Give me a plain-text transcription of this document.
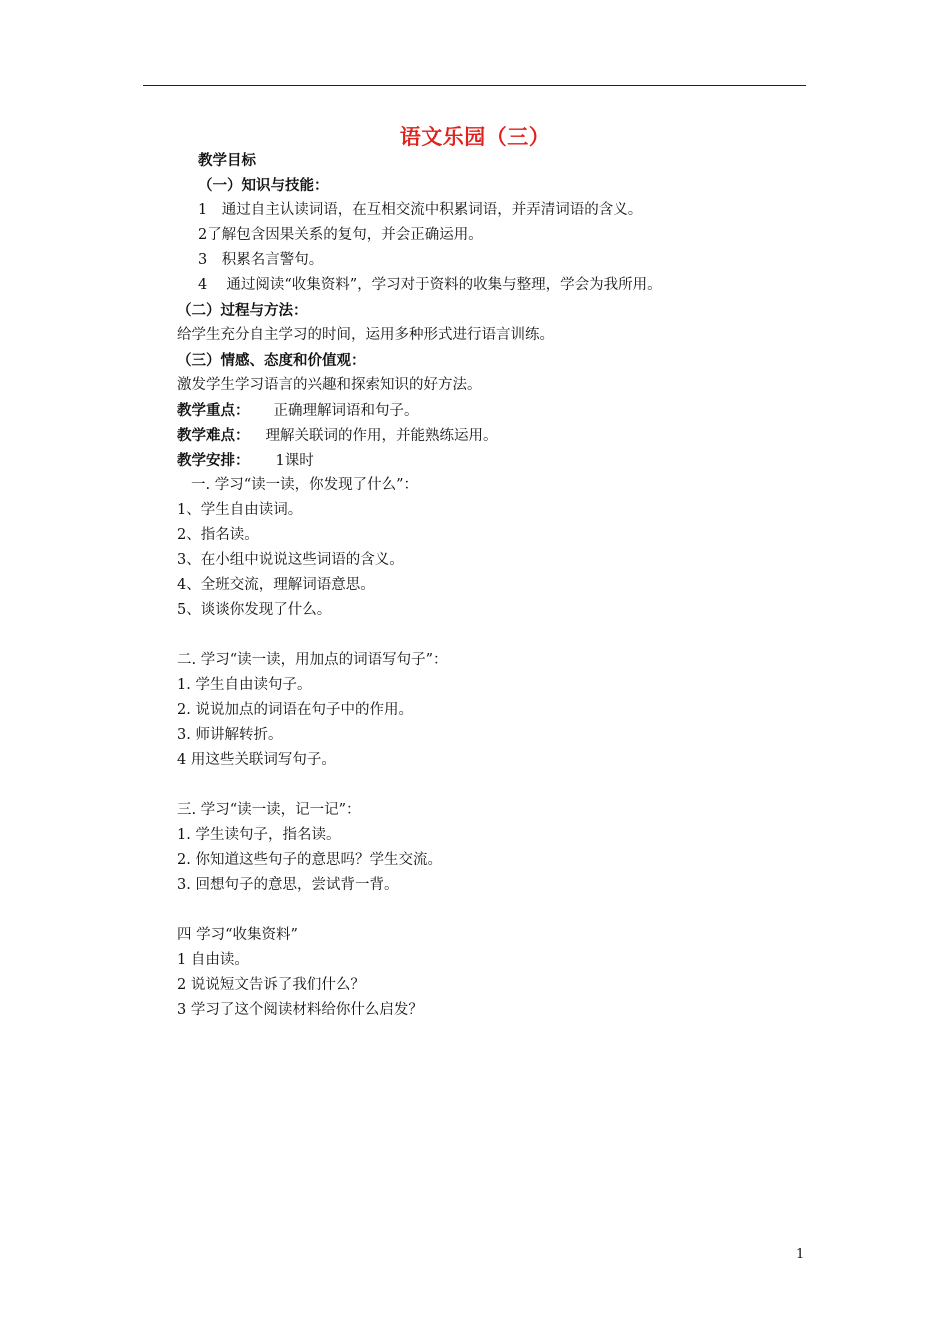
语文乐园（三）
教学目标
（一）知识与技能：
1　通过自主认读词语，在互相交流中积累词语，并弄清词语的含义。
2了解包含因果关系的复句，并会正确运用。
3　积累名言警句。
4　 通过阅读“收集资料”，学习对于资料的收集与整理，学会为我所用。
（二）过程与方法：
给学生充分自主学习的时间，运用多种形式进行语言训练。
（三）情感、态度和价值观：
激发学生学习语言的兴趣和探索知识的好方法。
教学重点： 正确理解词语和句子。
教学难点： 理解关联词的作用，并能熟练运用。
教学安排： 1课时
一. 学习“读一读，你发现了什么”：
1、学生自由读词。
2、指名读。
3、在小组中说说这些词语的含义。
4、全班交流，理解词语意思。
5、谈谈你发现了什么。
二. 学习“读一读，用加点的词语写句子”：
1. 学生自由读句子。
2. 说说加点的词语在句子中的作用。
3. 师讲解转折。
4 用这些关联词写句子。
三. 学习“读一读，记一记”：
1. 学生读句子，指名读。
2. 你知道这些句子的意思吗？学生交流。
3. 回想句子的意思，尝试背一背。
四 学习“收集资料”
1 自由读。
2 说说短文告诉了我们什么？
3 学习了这个阅读材料给你什么启发？
1
